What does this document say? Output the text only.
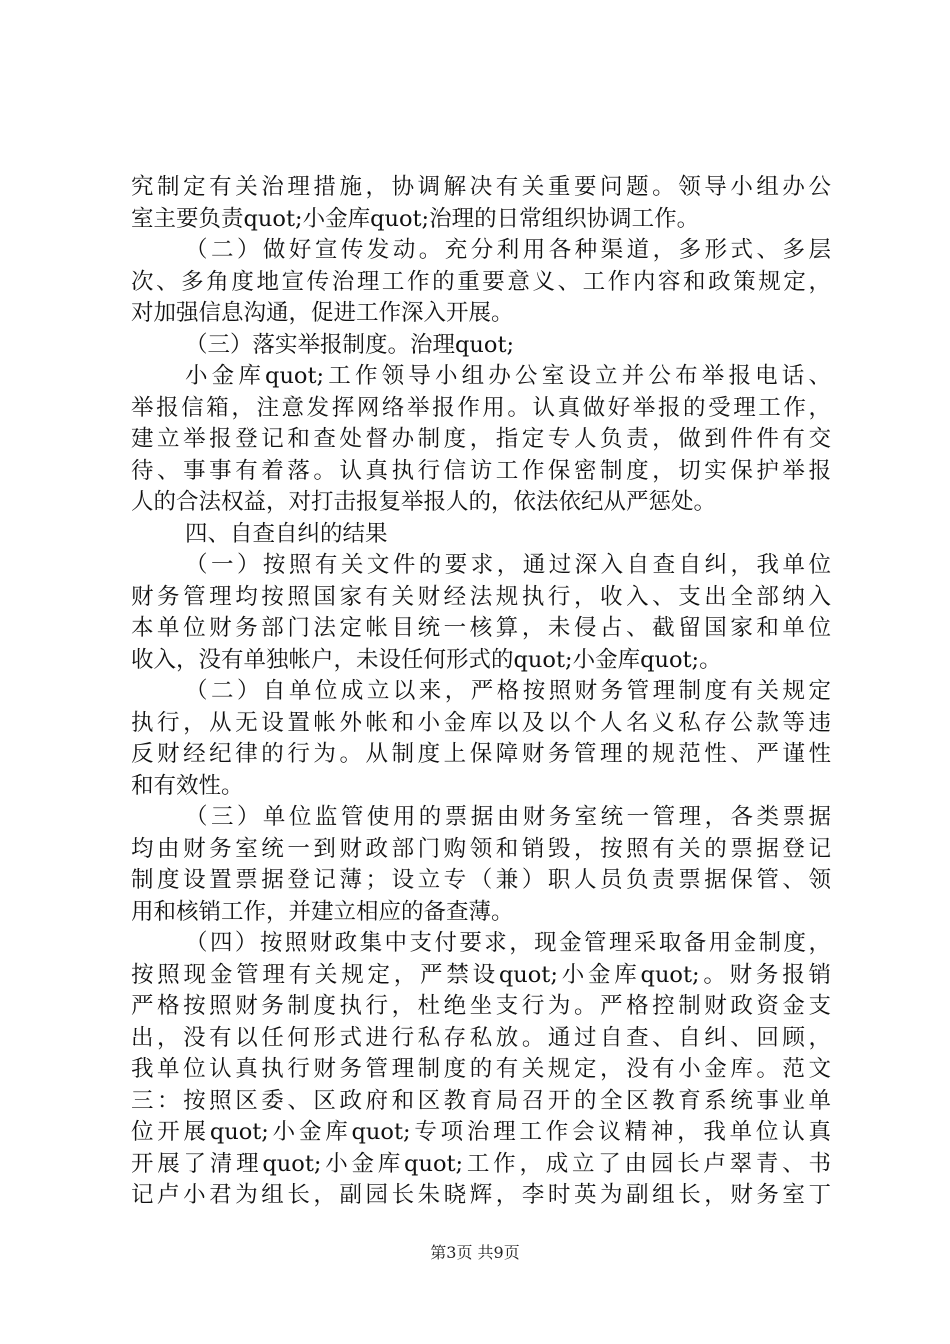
究制定有关治理措施，协调解决有关重要问题。领导小组办公
室主要负责quot;小金库quot;治理的日常组织协调工作。
（二）做好宣传发动。充分利用各种渠道，多形式、多层
次、多角度地宣传治理工作的重要意义、工作内容和政策规定，
对加强信息沟通，促进工作深入开展。
（三）落实举报制度。治理quot;
小金库quot;工作领导小组办公室设立并公布举报电话、
举报信箱，注意发挥网络举报作用。认真做好举报的受理工作，
建立举报登记和查处督办制度，指定专人负责，做到件件有交
待、事事有着落。认真执行信访工作保密制度，切实保护举报
人的合法权益，对打击报复举报人的，依法依纪从严惩处。
四、自查自纠的结果
（一）按照有关文件的要求，通过深入自查自纠，我单位
财务管理均按照国家有关财经法规执行，收入、支出全部纳入
本单位财务部门法定帐目统一核算，未侵占、截留国家和单位
收入，没有单独帐户，未设任何形式的quot;小金库quot;。
（二）自单位成立以来，严格按照财务管理制度有关规定
执行，从无设置帐外帐和小金库以及以个人名义私存公款等违
反财经纪律的行为。从制度上保障财务管理的规范性、严谨性
和有效性。
（三）单位监管使用的票据由财务室统一管理，各类票据
均由财务室统一到财政部门购领和销毁，按照有关的票据登记
制度设置票据登记薄；设立专（兼）职人员负责票据保管、领
用和核销工作，并建立相应的备查薄。
（四）按照财政集中支付要求，现金管理采取备用金制度，
按照现金管理有关规定，严禁设quot;小金库quot;。财务报销
严格按照财务制度执行，杜绝坐支行为。严格控制财政资金支
出，没有以任何形式进行私存私放。通过自查、自纠、回顾，
我单位认真执行财务管理制度的有关规定，没有小金库。范文
三：按照区委、区政府和区教育局召开的全区教育系统事业单
位开展quot;小金库quot;专项治理工作会议精神，我单位认真
开展了清理quot;小金库quot;工作，成立了由园长卢翠青、书
记卢小君为组长，副园长朱晓辉，李时英为副组长，财务室丁
第3页 共9页
